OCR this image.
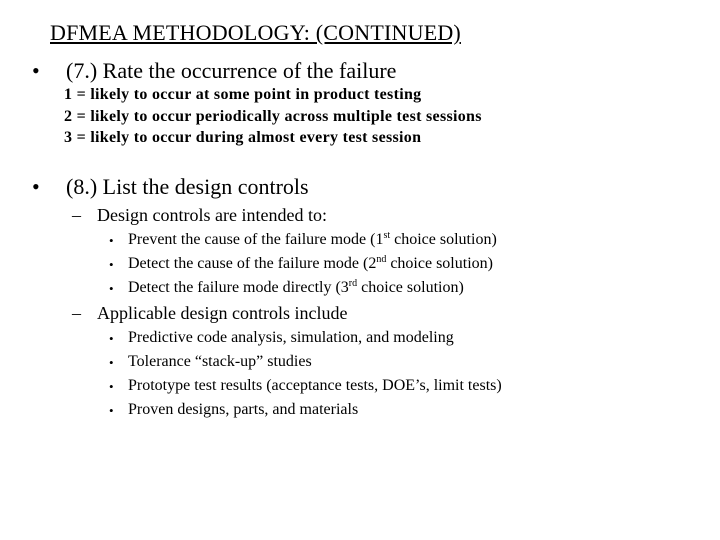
DFMEA METHODOLOGY: (CONTINUED)
• (7.) Rate the occurrence of the failure
1 = likely to occur at some point in product testing
2 = likely to occur periodically across multiple test sessions
3 = likely to occur during almost every test session
• (8.) List the design controls
– Design controls are intended to:
• Prevent the cause of the failure mode (1st choice solution)
• Detect the cause of the failure mode (2nd choice solution)
• Detect the failure mode directly (3rd choice solution)
– Applicable design controls include
• Predictive code analysis, simulation, and modeling
• Tolerance “stack-up” studies
• Prototype test results (acceptance tests, DOE’s, limit tests)
• Proven designs, parts, and materials
